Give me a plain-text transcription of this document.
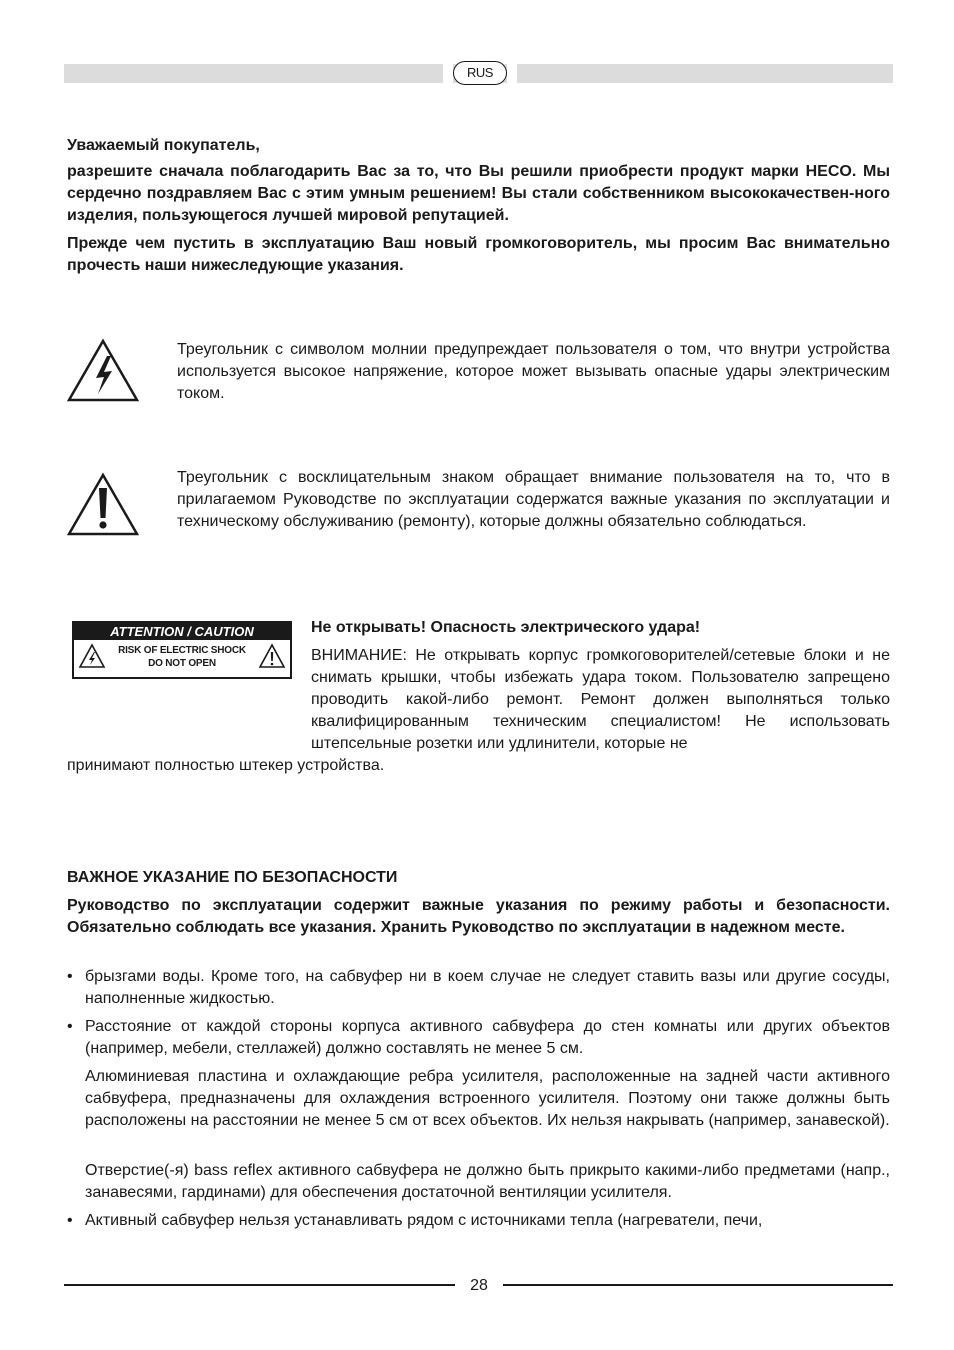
RUS
Уважаемый покупатель,
разрешите сначала поблагодарить Вас за то, что Вы решили приобрести продукт марки HECO. Мы сердечно поздравляем Вас с этим умным решением! Вы стали собственником высококачествен-ного изделия, пользующегося лучшей мировой репутацией.
Прежде чем пустить в эксплуатацию Ваш новый громкоговоритель, мы просим Вас внимательно прочесть наши нижеследующие указания.
Треугольник с символом молнии предупреждает пользователя о том, что внутри устройства используется высокое напряжение, которое может вызывать опасные удары электрическим током.
Треугольник с восклицательным знаком обращает внимание пользователя на то, что в прилагаемом Руководстве по эксплуатации содержатся важные указания по эксплуатации и техническому обслуживанию (ремонту), которые должны обязательно соблюдаться.
ATTENTION / CAUTION
RISK OF ELECTRIC SHOCK
DO NOT OPEN
Не открывать! Опасность электрического удара!
ВНИМАНИЕ: Не открывать корпус громкоговорителей/сетевые блоки и не снимать крышки, чтобы избежать удара током. Пользователю запрещено проводить какой-либо ремонт. Ремонт должен выполняться только квалифицированным техническим специалистом! Не использовать штепсельные розетки или удлинители, которые не
принимают полностью штекер устройства.
ВАЖНОЕ УКАЗАНИЕ ПО БЕЗОПАСНОСТИ
Руководство по эксплуатации содержит важные указания по режиму работы и безопасности. Обязательно соблюдать все указания. Хранить Руководство по эксплуатации в надежном месте.
• брызгами воды. Кроме того, на сабвуфер ни в коем случае не следует ставить вазы или другие сосуды, наполненные жидкостью.
• Расстояние от каждой стороны корпуса активного сабвуфера до стен комнаты или других объектов (например, мебели, стеллажей) должно составлять не менее 5 см.
Алюминиевая пластина и охлаждающие ребра усилителя, расположенные на задней части активного сабвуфера, предназначены для охлаждения встроенного усилителя. Поэтому они также должны быть расположены на расстоянии не менее 5 см от всех объектов. Их нельзя накрывать (например, занавеской).
Отверстие(-я) bass reflex активного сабвуфера не должно быть прикрыто какими-либо предметами (напр., занавесями, гардинами) для обеспечения достаточной вентиляции усилителя.
• Активный сабвуфер нельзя устанавливать рядом с источниками тепла (нагреватели, печи,
28
